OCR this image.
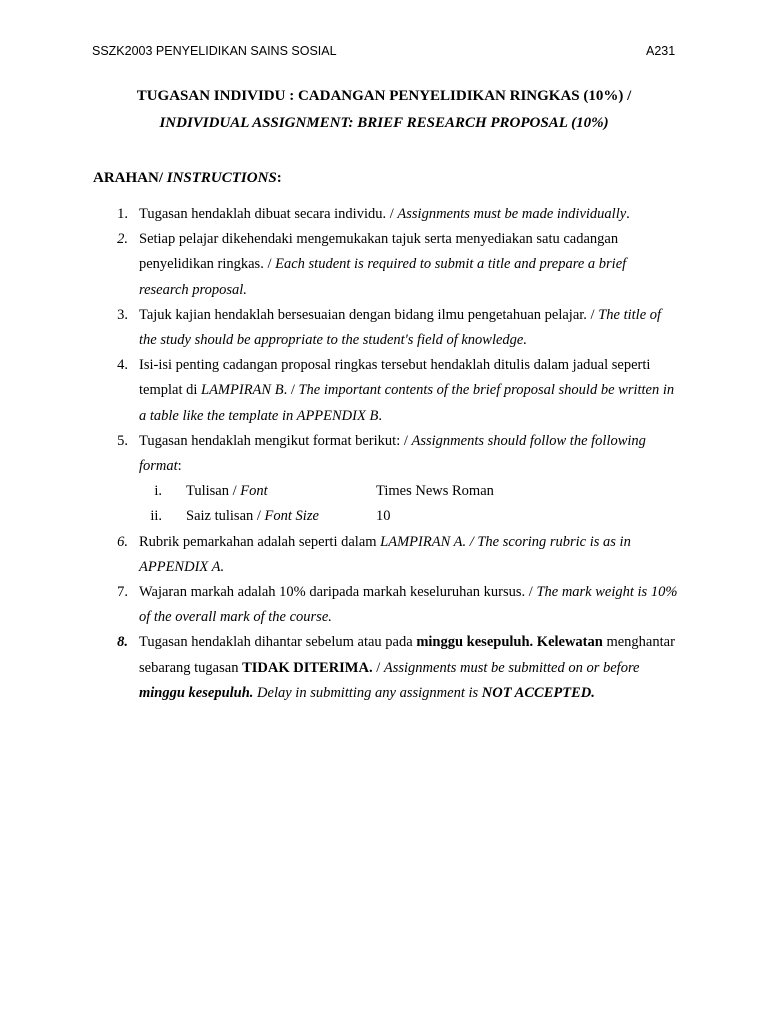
SSZK2003 PENYELIDIKAN SAINS SOSIAL	A231
TUGASAN INDIVIDU : CADANGAN PENYELIDIKAN RINGKAS (10%) /
INDIVIDUAL ASSIGNMENT: BRIEF RESEARCH PROPOSAL (10%)
ARAHAN/ INSTRUCTIONS:
1. Tugasan hendaklah dibuat secara individu. / Assignments must be made individually.
2. Setiap pelajar dikehendaki mengemukakan tajuk serta menyediakan satu cadangan penyelidikan ringkas. / Each student is required to submit a title and prepare a brief research proposal.
3. Tajuk kajian hendaklah bersesuaian dengan bidang ilmu pengetahuan pelajar. / The title of the study should be appropriate to the student's field of knowledge.
4. Isi-isi penting cadangan proposal ringkas tersebut hendaklah ditulis dalam jadual seperti templat di LAMPIRAN B. / The important contents of the brief proposal should be written in a table like the template in APPENDIX B.
5. Tugasan hendaklah mengikut format berikut: / Assignments should follow the following format:
i. Tulisan / Font	Times News Roman
ii. Saiz tulisan / Font Size	10
6. Rubrik pemarkahan adalah seperti dalam LAMPIRAN A. / The scoring rubric is as in APPENDIX A.
7. Wajaran markah adalah 10% daripada markah keseluruhan kursus. / The mark weight is 10% of the overall mark of the course.
8. Tugasan hendaklah dihantar sebelum atau pada minggu kesepuluh. Kelewatan menghantar sebarang tugasan TIDAK DITERIMA. / Assignments must be submitted on or before minggu kesepuluh. Delay in submitting any assignment is NOT ACCEPTED.
